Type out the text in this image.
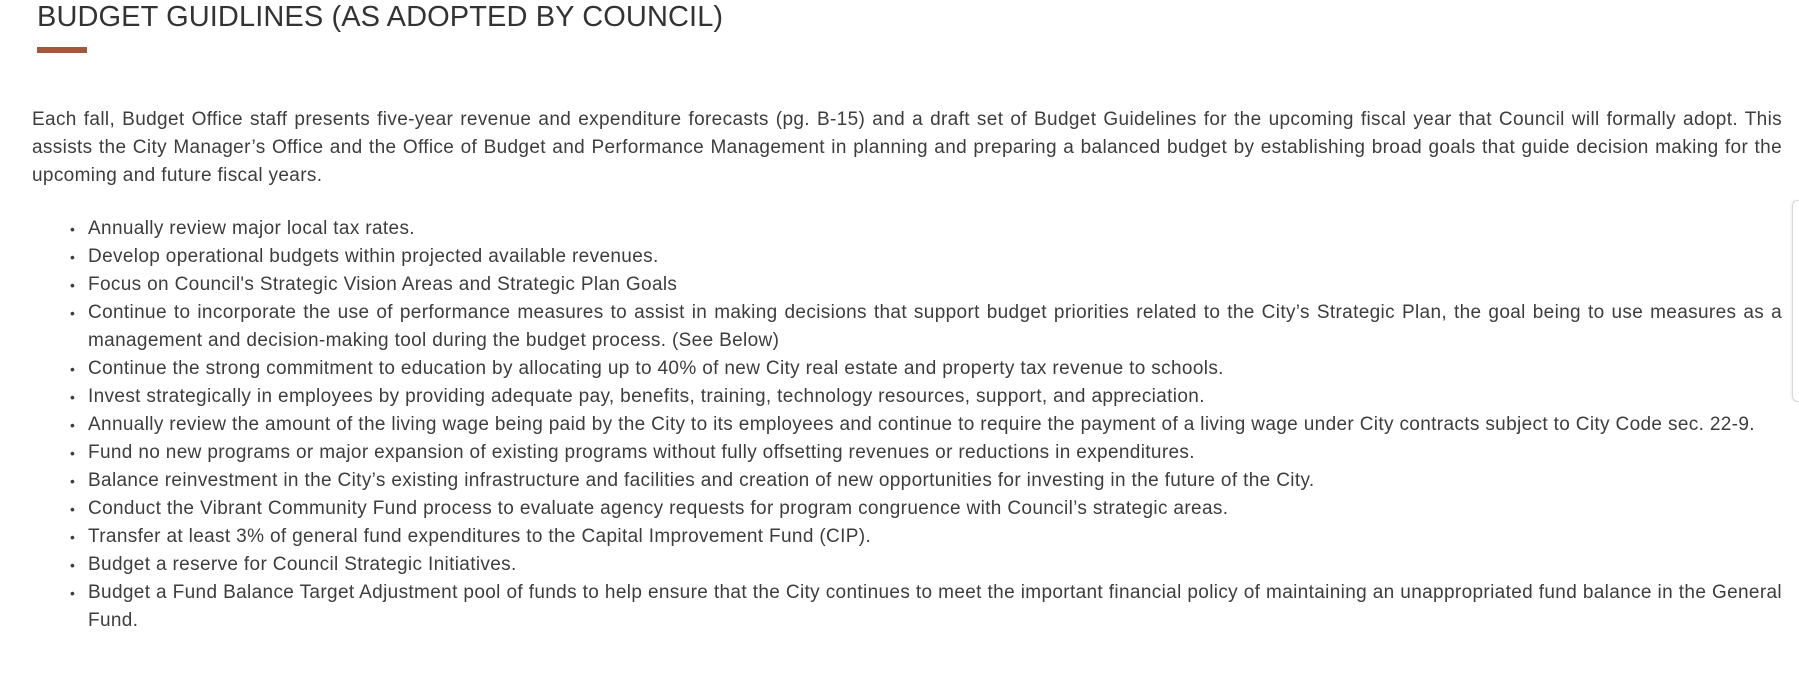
BUDGET GUIDLINES (AS ADOPTED BY COUNCIL)

Each fall, Budget Office staff presents five-year revenue and expenditure forecasts (pg. B-15) and a draft set of Budget Guidelines for the upcoming fiscal year that Council will formally adopt. This assists the City Manager’s Office and the Office of Budget and Performance Management in planning and preparing a balanced budget by establishing broad goals that guide decision making for the upcoming and future fiscal years.

• Annually review major local tax rates.
• Develop operational budgets within projected available revenues.
• Focus on Council's Strategic Vision Areas and Strategic Plan Goals
• Continue to incorporate the use of performance measures to assist in making decisions that support budget priorities related to the City’s Strategic Plan, the goal being to use measures as a management and decision-making tool during the budget process. (See Below)
• Continue the strong commitment to education by allocating up to 40% of new City real estate and property tax revenue to schools.
• Invest strategically in employees by providing adequate pay, benefits, training, technology resources, support, and appreciation.
• Annually review the amount of the living wage being paid by the City to its employees and continue to require the payment of a living wage under City contracts subject to City Code sec. 22-9.
• Fund no new programs or major expansion of existing programs without fully offsetting revenues or reductions in expenditures.
• Balance reinvestment in the City’s existing infrastructure and facilities and creation of new opportunities for investing in the future of the City.
• Conduct the Vibrant Community Fund process to evaluate agency requests for program congruence with Council’s strategic areas.
• Transfer at least 3% of general fund expenditures to the Capital Improvement Fund (CIP).
• Budget a reserve for Council Strategic Initiatives.
• Budget a Fund Balance Target Adjustment pool of funds to help ensure that the City continues to meet the important financial policy of maintaining an unappropriated fund balance in the General Fund.
